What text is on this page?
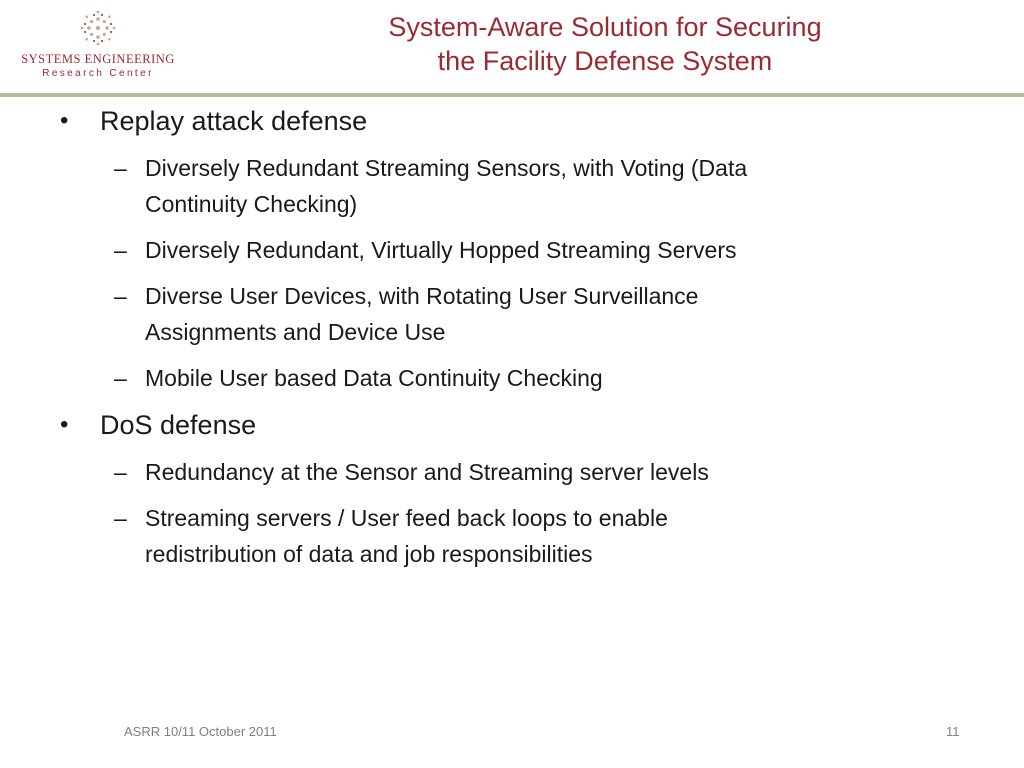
SYSTEMS ENGINEERING
Research Center
System-Aware Solution for Securing
the Facility Defense System
• Replay attack defense
– Diversely Redundant Streaming Sensors, with Voting (Data
Continuity Checking)
– Diversely Redundant, Virtually Hopped Streaming Servers
– Diverse User Devices, with Rotating User Surveillance
Assignments and Device Use
– Mobile User based Data Continuity Checking
• DoS defense
– Redundancy at the Sensor and Streaming server levels
– Streaming servers / User feed back loops to enable
redistribution of data and job responsibilities
ASRR 10/11 October 2011	11
